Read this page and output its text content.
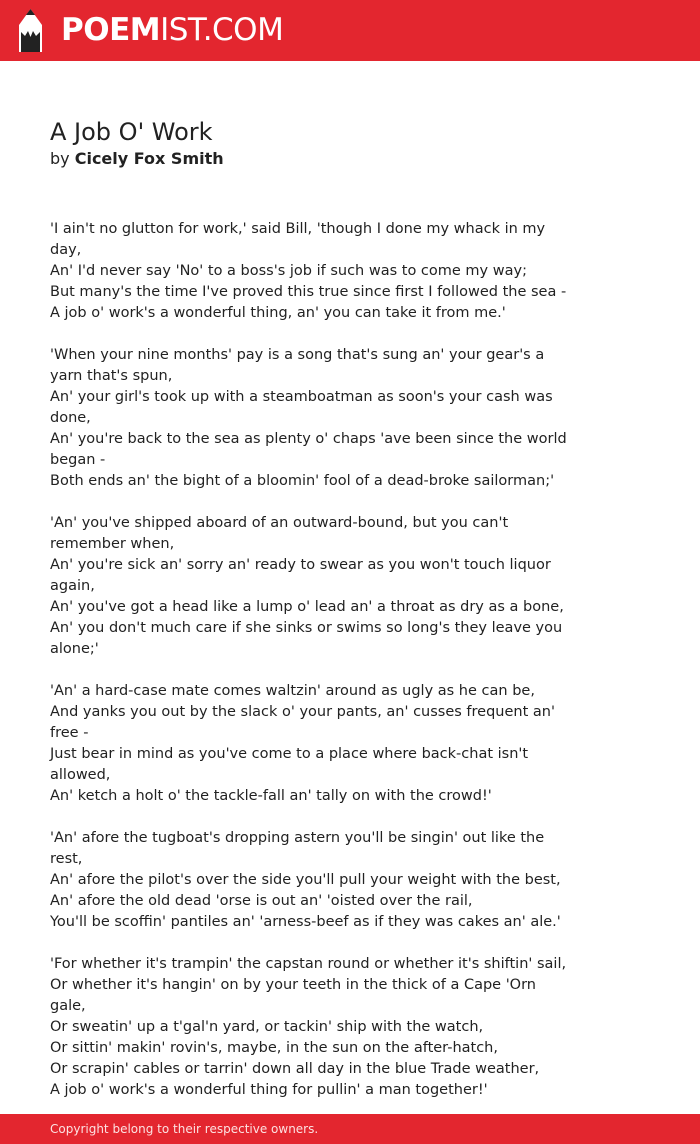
POEMIST.COM
A Job O' Work
by Cicely Fox Smith
'I ain't no glutton for work,' said Bill, 'though I done my whack in my day,
An' I'd never say 'No' to a boss's job if such was to come my way;
But many's the time I've proved this true since first I followed the sea -
A job o' work's a wonderful thing, an' you can take it from me.'
'When your nine months' pay is a song that's sung an' your gear's a yarn that's spun,
An' your girl's took up with a steamboatman as soon's your cash was done,
An' you're back to the sea as plenty o' chaps 'ave been since the world began -
Both ends an' the bight of a bloomin' fool of a dead-broke sailorman;'
'An' you've shipped aboard of an outward-bound, but you can't remember when,
An' you're sick an' sorry an' ready to swear as you won't touch liquor again,
An' you've got a head like a lump o' lead an' a throat as dry as a bone,
An' you don't much care if she sinks or swims so long's they leave you alone;'
'An' a hard-case mate comes waltzin' around as ugly as he can be,
And yanks you out by the slack o' your pants, an' cusses frequent an' free -
Just bear in mind as you've come to a place where back-chat isn't allowed,
An' ketch a holt o' the tackle-fall an' tally on with the crowd!'
'An' afore the tugboat's dropping astern you'll be singin' out like the rest,
An' afore the pilot's over the side you'll pull your weight with the best,
An' afore the old dead 'orse is out an' 'oisted over the rail,
You'll be scoffin' pantiles an' 'arness-beef as if they was cakes an' ale.'
'For whether it's trampin' the capstan round or whether it's shiftin' sail,
Or whether it's hangin' on by your teeth in the thick of a Cape 'Orn gale,
Or sweatin' up a t'gal'n yard, or tackin' ship with the watch,
Or sittin' makin' rovin's, maybe, in the sun on the after-hatch,
Or scrapin' cables or tarrin' down all day in the blue Trade weather,
A job o' work's a wonderful thing for pullin' a man together!'
Copyright belong to their respective owners.
